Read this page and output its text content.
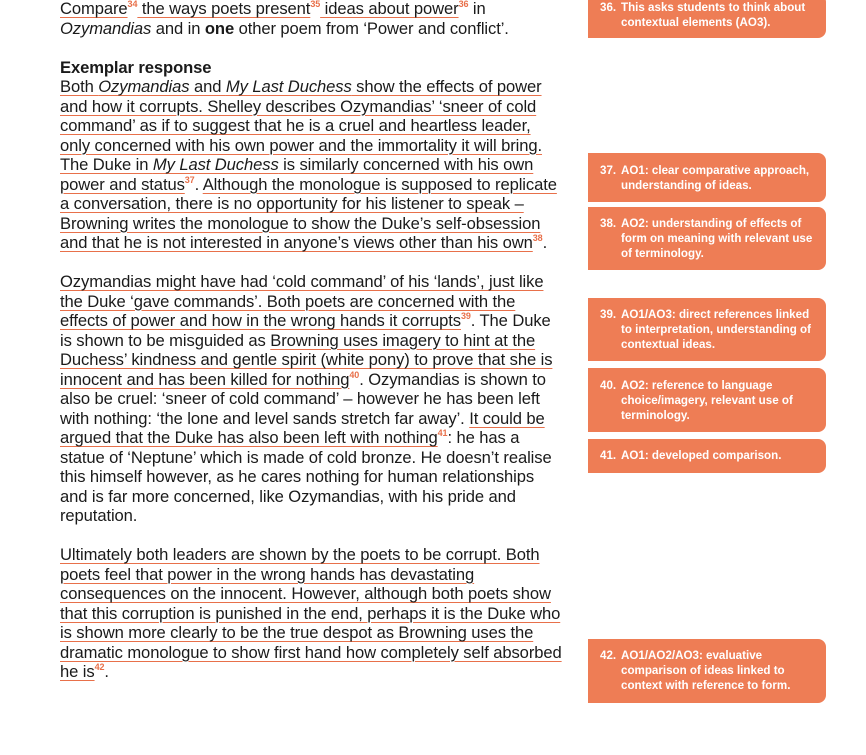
Compare$^{34}$ the ways poets present$^{35}$ ideas about power$^{36}$ in Ozymandias and in one other poem from ‘Power and conflict’.

Exemplar response

Both Ozymandias and My Last Duchess show the effects of power and how it corrupts. Shelley describes Ozymandias’ ‘sneer of cold command’ as if to suggest that he is a cruel and heartless leader, only concerned with his own power and the immortality it will bring. The Duke in My Last Duchess is similarly concerned with his own power and status$^{37}$. Although the monologue is supposed to replicate a conversation, there is no opportunity for his listener to speak – Browning writes the monologue to show the Duke’s self-obsession and that he is not interested in anyone’s views other than his own$^{38}$.

Ozymandias might have had ‘cold command’ of his ‘lands’, just like the Duke ‘gave commands’. Both poets are concerned with the effects of power and how in the wrong hands it corrupts$^{39}$. The Duke is shown to be misguided as Browning uses imagery to hint at the Duchess’ kindness and gentle spirit (white pony) to prove that she is innocent and has been killed for nothing$^{40}$. Ozymandias is shown to also be cruel: ‘sneer of cold command’ – however he has been left with nothing: ‘the lone and level sands stretch far away’. It could be argued that the Duke has also been left with nothing$^{41}$: he has a statue of ‘Neptune’ which is made of cold bronze. He doesn’t realise this himself however, as he cares nothing for human relationships and is far more concerned, like Ozymandias, with his pride and reputation.

Ultimately both leaders are shown by the poets to be corrupt. Both poets feel that power in the wrong hands has devastating consequences on the innocent. However, although both poets show that this corruption is punished in the end, perhaps it is the Duke who is shown more clearly to be the true despot as Browning uses the dramatic monologue to show first hand how completely self absorbed he $is^{42}$.

36. This asks students to think about contextual elements (AO3).
37. AO1: clear comparative approach, understanding of ideas.
38. AO2: understanding of effects of form on meaning with relevant use of terminology.
39. AO1/AO3: direct references linked to interpretation, understanding of contextual ideas.
40. AO2: reference to language choice/imagery, relevant use of terminology.
41. AO1: developed comparison.
42. AO1/AO2/AO3: evaluative comparison of ideas linked to context with reference to form.
